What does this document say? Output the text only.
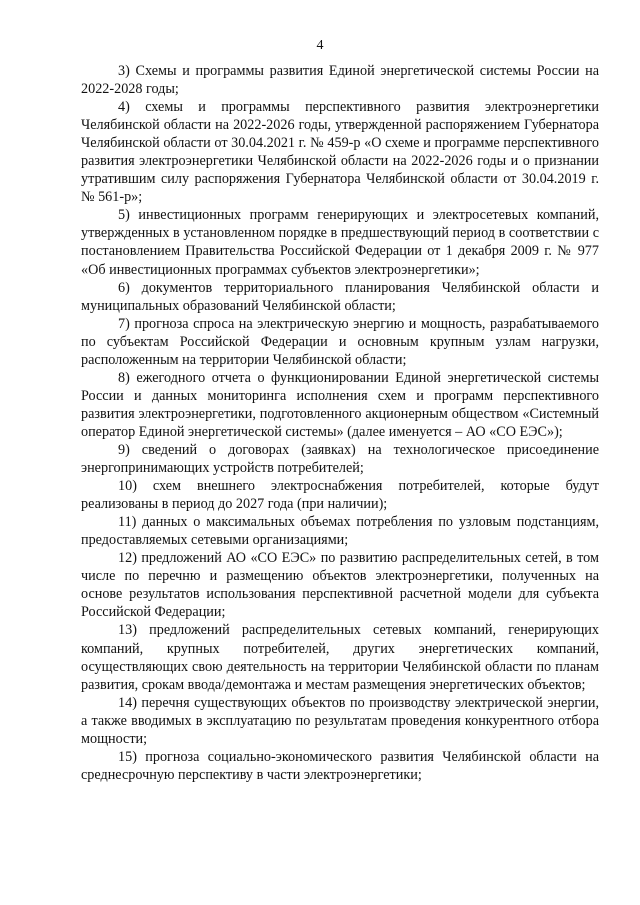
4

3) Схемы и программы развития Единой энергетической системы России на 2022-2028 годы;

4) схемы и программы перспективного развития электроэнергетики Челябинской области на 2022-2026 годы, утвержденной распоряжением Губернатора Челябинской области от 30.04.2021 г. № 459-р «О схеме и программе перспективного развития электроэнергетики Челябинской области на 2022-2026 годы и о признании утратившим силу распоряжения Губернатора Челябинской области от 30.04.2019 г. № 561-р»;

5) инвестиционных программ генерирующих и электросетевых компаний, утвержденных в установленном порядке в предшествующий период в соответствии с постановлением Правительства Российской Федерации от 1 декабря 2009 г. № 977 «Об инвестиционных программах субъектов электроэнергетики»;

6) документов территориального планирования Челябинской области и муниципальных образований Челябинской области;

7) прогноза спроса на электрическую энергию и мощность, разрабатываемого по субъектам Российской Федерации и основным крупным узлам нагрузки, расположенным на территории Челябинской области;

8) ежегодного отчета о функционировании Единой энергетической системы России и данных мониторинга исполнения схем и программ перспективного развития электроэнергетики, подготовленного акционерным обществом «Системный оператор Единой энергетической системы» (далее именуется – АО «СО ЕЭС»);

9) сведений о договорах (заявках) на технологическое присоединение энергопринимающих устройств потребителей;

10) схем внешнего электроснабжения потребителей, которые будут реализованы в период до 2027 года (при наличии);

11) данных о максимальных объемах потребления по узловым подстанциям, предоставляемых сетевыми организациями;

12) предложений АО «СО ЕЭС» по развитию распределительных сетей, в том числе по перечню и размещению объектов электроэнергетики, полученных на основе результатов использования перспективной расчетной модели для субъекта Российской Федерации;

13) предложений распределительных сетевых компаний, генерирующих компаний, крупных потребителей, других энергетических компаний, осуществляющих свою деятельность на территории Челябинской области по планам развития, срокам ввода/демонтажа и местам размещения энергетических объектов;

14) перечня существующих объектов по производству электрической энергии, а также вводимых в эксплуатацию по результатам проведения конкурентного отбора мощности;

15) прогноза социально-экономического развития Челябинской области на среднесрочную перспективу в части электроэнергетики;
